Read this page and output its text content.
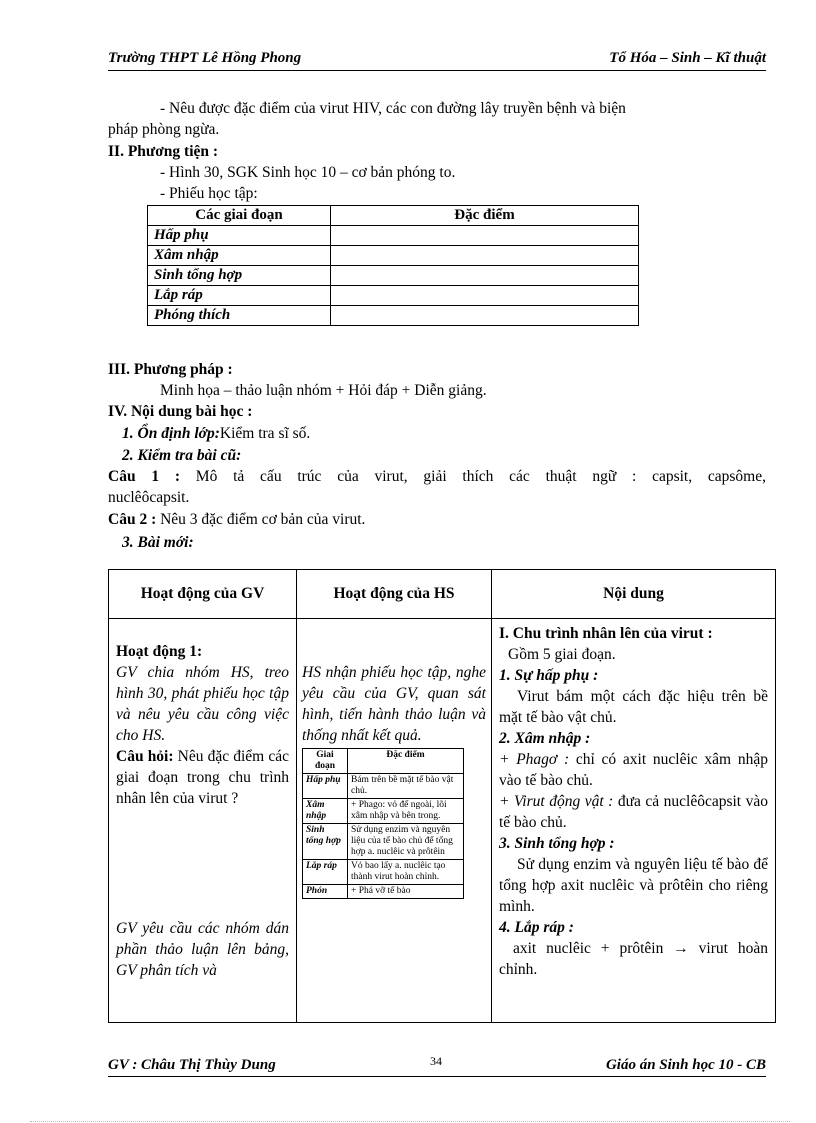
Trường THPT Lê Hồng Phong	Tổ Hóa – Sinh – Kĩ thuật
- Nêu được đặc điểm của virut HIV, các con đường lây truyền bệnh và biện
pháp phòng ngừa.
II. Phương tiện :
- Hình 30, SGK Sinh học 10 – cơ bản phóng to.
- Phiếu học tập:
Các giai đoạn	Đặc điểm
Hấp phụ	
Xâm nhập	
Sinh tổng hợp	
Lắp ráp	
Phóng thích	
III. Phương pháp :
Minh họa – thảo luận nhóm + Hỏi đáp + Diễn giảng.
IV. Nội dung bài học :
1. Ổn định lớp:Kiểm tra sĩ số.
2. Kiểm tra bài cũ:
Câu 1 : Mô tả cấu trúc của virut, giải thích các thuật ngữ : capsit, capsôme,
nuclêôcapsit.
Câu 2 : Nêu 3 đặc điểm cơ bản của virut.
3. Bài mới:
Hoạt động của GV	Hoạt động của HS	Nội dung

Hoạt động 1:
GV chia nhóm HS, treo hình 30, phát phiếu học tập và nêu yêu cầu công việc cho HS.
Câu hỏi: Nêu đặc điểm các giai đoạn trong chu trình nhân lên của virut ?
GV yêu cầu các nhóm dán phần thảo luận lên bảng, GV phân tích và

HS nhận phiếu học tập, nghe yêu cầu của GV, quan sát hình, tiến hành thảo luận và thống nhất kết quả.
Giai đoạn	Đặc điểm
Hấp phụ	Bám trên bề mặt tế bào vật chủ.
Xâm nhập	+ Phago: vỏ để ngoài, lõi xâm nhập và bên trong.
Sinh tổng hợp	Sử dụng enzim và nguyên liệu của tế bào chủ để tổng hợp a. nuclêic và prôtêin
Lắp ráp	Vỏ bao lấy a. nuclêic tạo thành virut hoàn chỉnh.
Phón	+ Phá vỡ tế bào

I. Chu trình nhân lên của virut :
Gồm 5 giai đoạn.
1. Sự hấp phụ :
Virut bám một cách đặc hiệu trên bề mặt tế bào vật chủ.
2. Xâm nhập :
+ Phagơ : chỉ có axit nuclêic xâm nhập vào tế bào chủ.
+ Virut động vật : đưa cả nuclêôcapsit vào tế bào chủ.
3. Sinh tổng hợp :
Sử dụng enzim và nguyên liệu tế bào để tổng hợp axit nuclêic và prôtêin cho riêng mình.
4. Lắp ráp :
axit nuclêic + prôtêin → virut hoàn chỉnh.
GV : Châu Thị Thùy Dung	34	Giáo án Sinh học 10 - CB
